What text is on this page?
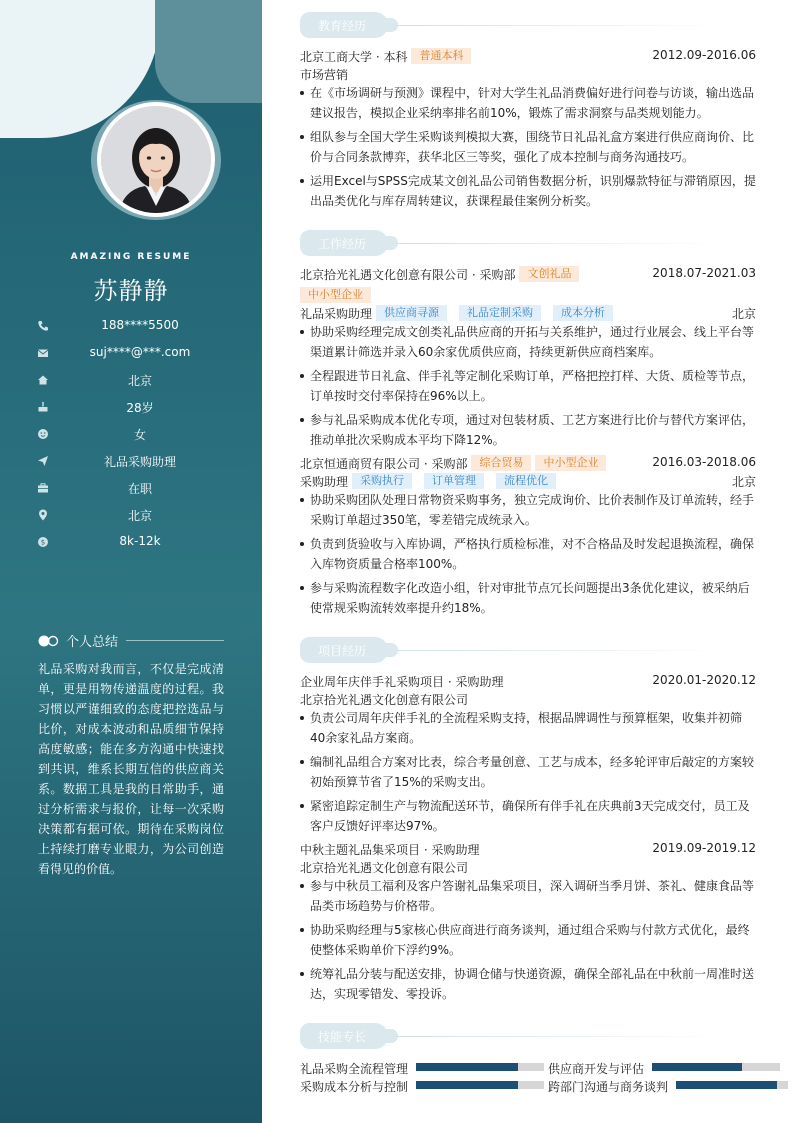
AMAZING RESUME
苏静静
188****5500
suj****@***.com
北京
28岁
女
礼品采购助理
在职
北京
$	8k-12k
个人总结
礼品采购对我而言，不仅是完成清单，更是用物传递温度的过程。我习惯以严谨细致的态度把控选品与比价，对成本波动和品质细节保持高度敏感；能在多方沟通中快速找到共识，维系长期互信的供应商关系。数据工具是我的日常助手，通过分析需求与报价，让每一次采购决策都有据可依。期待在采购岗位上持续打磨专业眼力，为公司创造看得见的价值。
教育经历
北京工商大学 · 本科 普通本科	2012.09-2016.06
市场营销
在《市场调研与预测》课程中，针对大学生礼品消费偏好进行问卷与访谈，输出选品建议报告，模拟企业采纳率排名前10%，锻炼了需求洞察与品类规划能力。
组队参与全国大学生采购谈判模拟大赛，围绕节日礼品礼盒方案进行供应商询价、比价与合同条款博弈，获华北区三等奖，强化了成本控制与商务沟通技巧。
运用Excel与SPSS完成某文创礼品公司销售数据分析，识别爆款特征与滞销原因，提出品类优化与库存周转建议，获课程最佳案例分析奖。
工作经历
北京拾光礼遇文化创意有限公司 · 采购部 文创礼品	2018.07-2021.03
中小型企业
礼品采购助理 供应商寻源	礼品定制采购	成本分析	北京
协助采购经理完成文创类礼品供应商的开拓与关系维护，通过行业展会、线上平台等渠道累计筛选并录入60余家优质供应商，持续更新供应商档案库。
全程跟进节日礼盒、伴手礼等定制化采购订单，严格把控打样、大货、质检等节点，订单按时交付率保持在96%以上。
参与礼品采购成本优化专项，通过对包装材质、工艺方案进行比价与替代方案评估，推动单批次采购成本平均下降12%。
北京恒通商贸有限公司 · 采购部 综合贸易 中小型企业	2016.03-2018.06
采购助理 采购执行	订单管理	流程优化	北京
协助采购团队处理日常物资采购事务，独立完成询价、比价表制作及订单流转，经手采购订单超过350笔，零差错完成统录入。
负责到货验收与入库协调，严格执行质检标准，对不合格品及时发起退换流程，确保入库物资质量合格率100%。
参与采购流程数字化改造小组，针对审批节点冗长问题提出3条优化建议，被采纳后使常规采购流转效率提升约18%。
项目经历
企业周年庆伴手礼采购项目 · 采购助理	2020.01-2020.12
北京拾光礼遇文化创意有限公司
负责公司周年庆伴手礼的全流程采购支持，根据品牌调性与预算框架，收集并初筛40余家礼品方案商。
编制礼品组合方案对比表，综合考量创意、工艺与成本，经多轮评审后敲定的方案较初始预算节省了15%的采购支出。
紧密追踪定制生产与物流配送环节，确保所有伴手礼在庆典前3天完成交付，员工及客户反馈好评率达97%。
中秋主题礼品集采项目 · 采购助理	2019.09-2019.12
北京拾光礼遇文化创意有限公司
参与中秋员工福利及客户答谢礼品集采项目，深入调研当季月饼、茶礼、健康食品等品类市场趋势与价格带。
协助采购经理与5家核心供应商进行商务谈判，通过组合采购与付款方式优化，最终使整体采购单价下浮约9%。
统筹礼品分装与配送安排，协调仓储与快递资源，确保全部礼品在中秋前一周准时送达，实现零错发、零投诉。
技能专长
礼品采购全流程管理	供应商开发与评估
采购成本分析与控制	跨部门沟通与商务谈判
